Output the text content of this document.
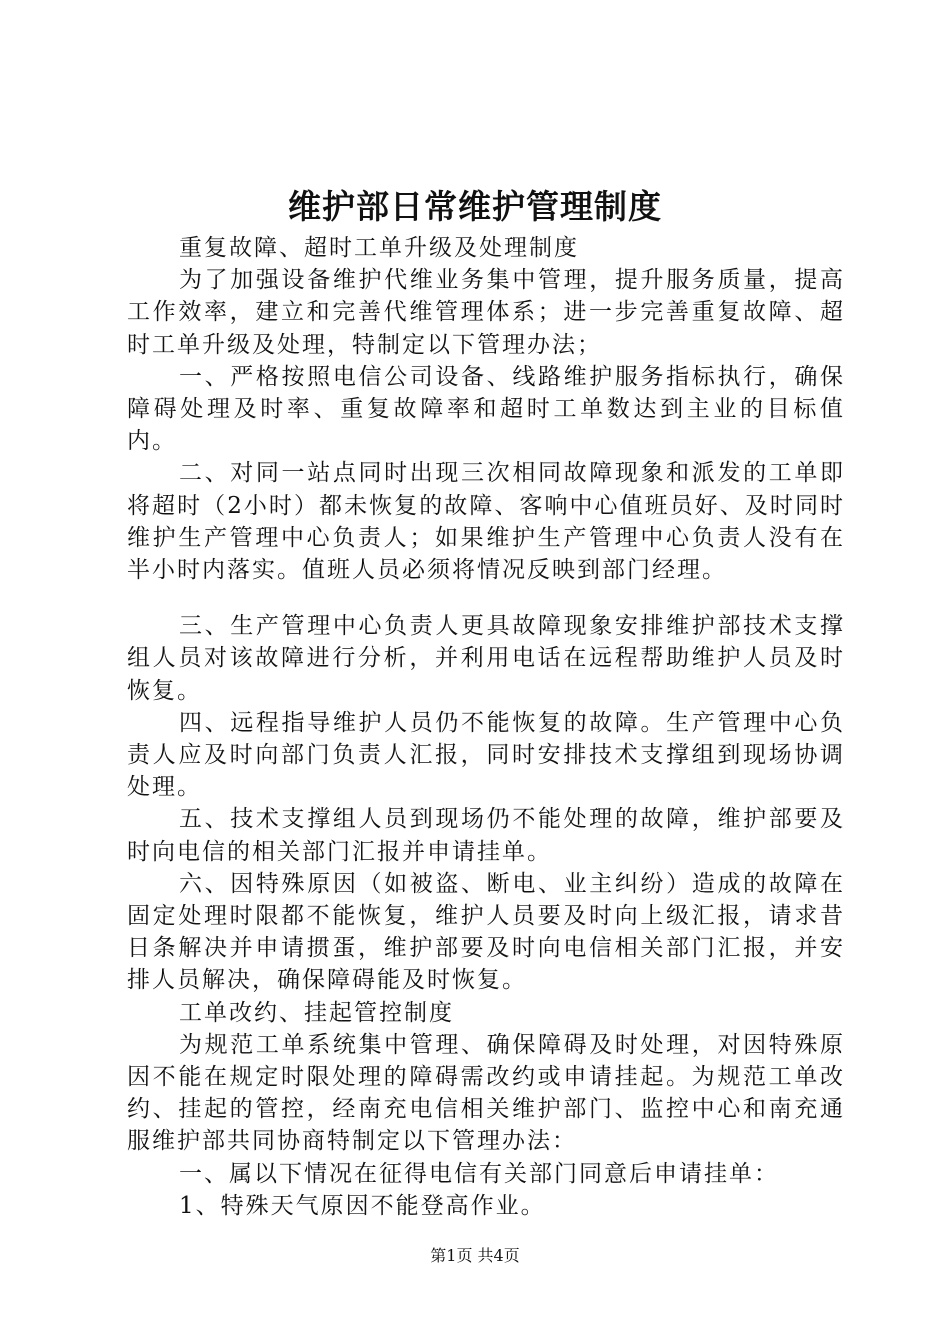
维护部日常维护管理制度

重复故障、超时工单升级及处理制度

为了加强设备维护代维业务集中管理，提升服务质量，提高工作效率，建立和完善代维管理体系；进一步完善重复故障、超时工单升级及处理，特制定以下管理办法；

一、严格按照电信公司设备、线路维护服务指标执行，确保障碍处理及时率、重复故障率和超时工单数达到主业的目标值内。

二、对同一站点同时出现三次相同故障现象和派发的工单即将超时（2小时）都未恢复的故障、客响中心值班员好、及时同时维护生产管理中心负责人；如果维护生产管理中心负责人没有在半小时内落实。值班人员必须将情况反映到部门经理。

三、生产管理中心负责人更具故障现象安排维护部技术支撑组人员对该故障进行分析，并利用电话在远程帮助维护人员及时恢复。

四、远程指导维护人员仍不能恢复的故障。生产管理中心负责人应及时向部门负责人汇报，同时安排技术支撑组到现场协调处理。

五、技术支撑组人员到现场仍不能处理的故障，维护部要及时向电信的相关部门汇报并申请挂单。

六、因特殊原因（如被盗、断电、业主纠纷）造成的故障在固定处理时限都不能恢复，维护人员要及时向上级汇报，请求昔日条解决并申请掼蛋，维护部要及时向电信相关部门汇报，并安排人员解决，确保障碍能及时恢复。

工单改约、挂起管控制度

为规范工单系统集中管理、确保障碍及时处理，对因特殊原因不能在规定时限处理的障碍需改约或申请挂起。为规范工单改约、挂起的管控，经南充电信相关维护部门、监控中心和南充通服维护部共同协商特制定以下管理办法：

一、属以下情况在征得电信有关部门同意后申请挂单：

1、特殊天气原因不能登高作业。

第1页 共4页
